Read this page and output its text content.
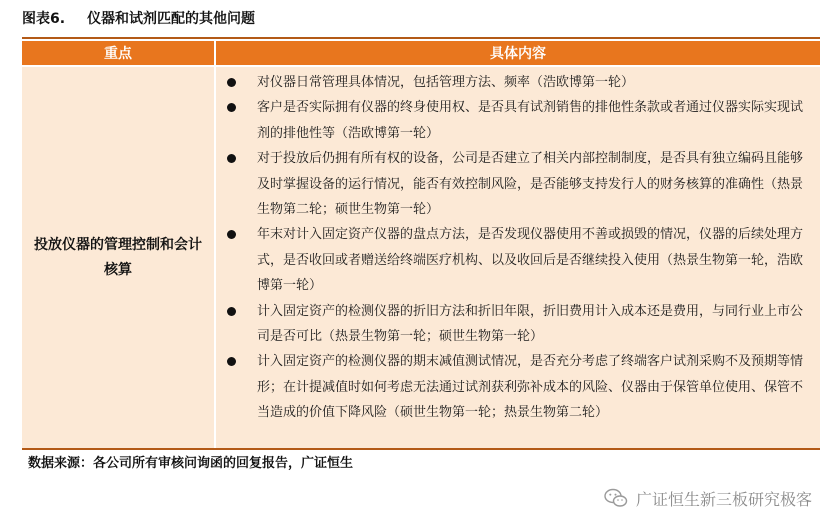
图表6. 仪器和试剂匹配的其他问题
重点	具体内容
投放仪器的管理控制和会计核算
对仪器日常管理具体情况，包括管理方法、频率（浩欧博第一轮）
客户是否实际拥有仪器的终身使用权、是否具有试剂销售的排他性条款或者通过仪器实际实现试剂的排他性等（浩欧博第一轮）
对于投放后仍拥有所有权的设备，公司是否建立了相关内部控制制度，是否具有独立编码且能够及时掌握设备的运行情况，能否有效控制风险，是否能够支持发行人的财务核算的准确性（热景生物第二轮；硕世生物第一轮）
年末对计入固定资产仪器的盘点方法，是否发现仪器使用不善或损毁的情况，仪器的后续处理方式，是否收回或者赠送给终端医疗机构、以及收回后是否继续投入使用（热景生物第一轮，浩欧博第一轮）
计入固定资产的检测仪器的折旧方法和折旧年限，折旧费用计入成本还是费用，与同行业上市公司是否可比（热景生物第一轮；硕世生物第一轮）
计入固定资产的检测仪器的期末减值测试情况，是否充分考虑了终端客户试剂采购不及预期等情形；在计提减值时如何考虑无法通过试剂获利弥补成本的风险、仪器由于保管单位使用、保管不当造成的价值下降风险（硕世生物第一轮；热景生物第二轮）
数据来源：各公司所有审核问询函的回复报告，广证恒生
广证恒生新三板研究极客
